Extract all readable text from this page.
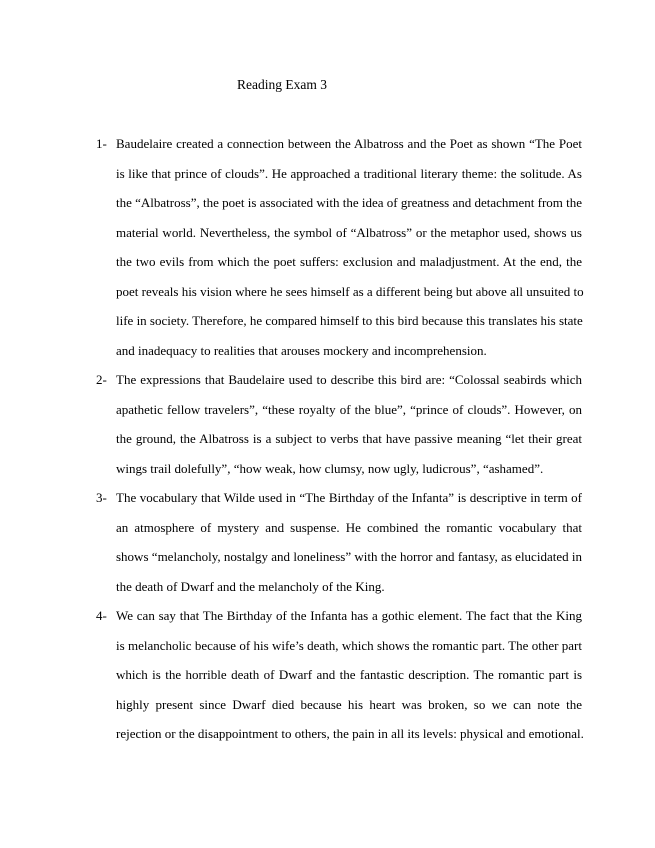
Reading Exam 3
1- Baudelaire created a connection between the Albatross and the Poet as shown “The Poet
is like that prince of clouds”. He approached a traditional literary theme: the solitude. As
the “Albatross”, the poet is associated with the idea of greatness and detachment from the
material world. Nevertheless, the symbol of “Albatross” or the metaphor used, shows us
the two evils from which the poet suffers: exclusion and maladjustment. At the end, the
poet reveals his vision where he sees himself as a different being but above all unsuited to
life in society. Therefore, he compared himself to this bird because this translates his state
and inadequacy to realities that arouses mockery and incomprehension.
2- The expressions that Baudelaire used to describe this bird are: “Colossal seabirds which
apathetic fellow travelers”, “these royalty of the blue”, “prince of clouds”. However, on
the ground, the Albatross is a subject to verbs that have passive meaning “let their great
wings trail dolefully”, “how weak, how clumsy, now ugly, ludicrous”, “ashamed”.
3- The vocabulary that Wilde used in “The Birthday of the Infanta” is descriptive in term of
an atmosphere of mystery and suspense. He combined the romantic vocabulary that
shows “melancholy, nostalgy and loneliness” with the horror and fantasy, as elucidated in
the death of Dwarf and the melancholy of the King.
4- We can say that The Birthday of the Infanta has a gothic element. The fact that the King
is melancholic because of his wife’s death, which shows the romantic part. The other part
which is the horrible death of Dwarf and the fantastic description. The romantic part is
highly present since Dwarf died because his heart was broken, so we can note the
rejection or the disappointment to others, the pain in all its levels: physical and emotional.
